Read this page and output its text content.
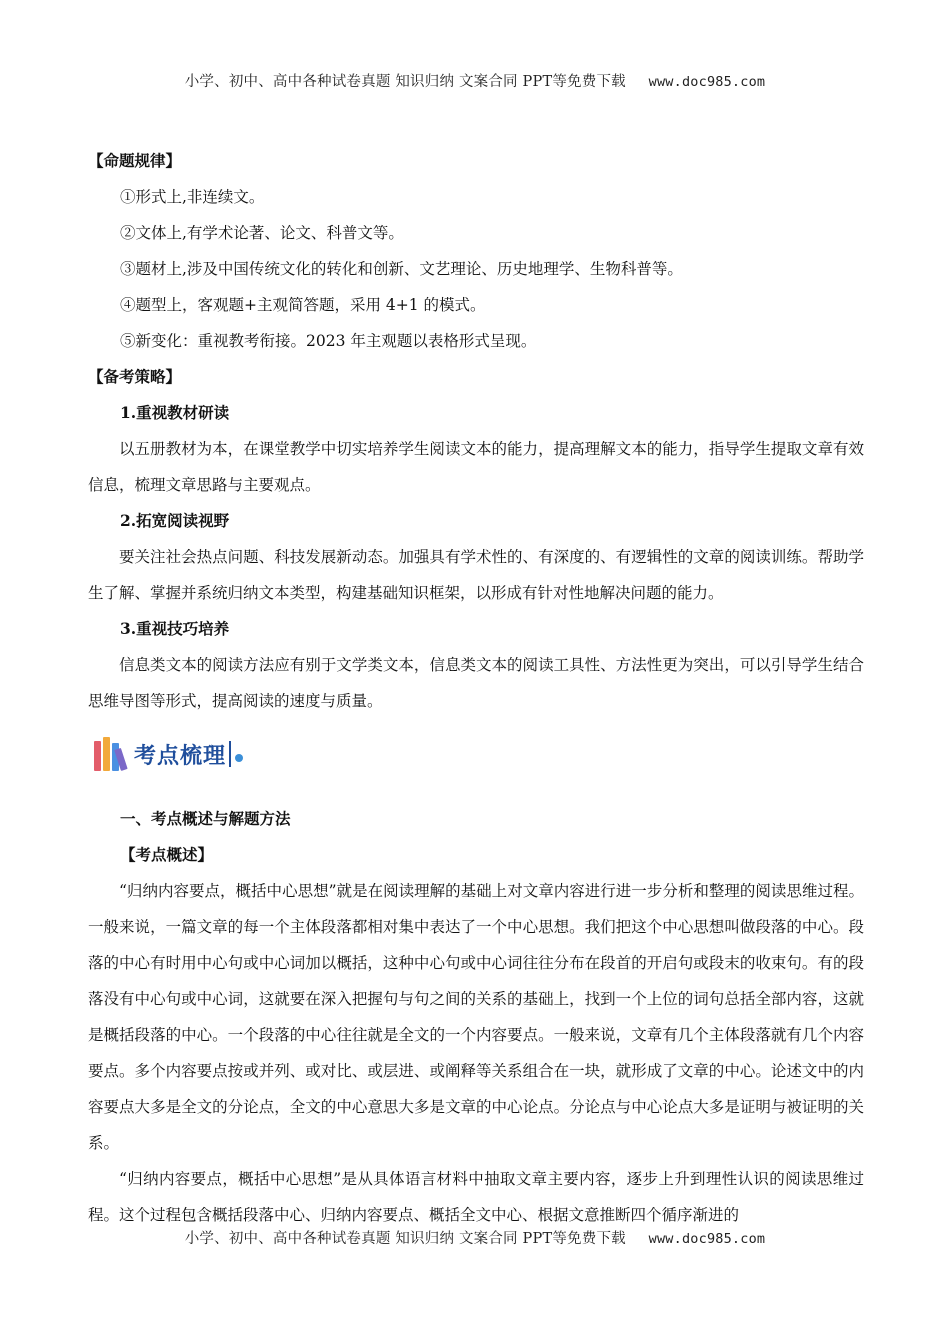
小学、初中、高中各种试卷真题 知识归纳 文案合同 PPT等免费下载 www.doc985.com

【命题规律】

①形式上,非连续文。

②文体上,有学术论著、论文、科普文等。

③题材上,涉及中国传统文化的转化和创新、文艺理论、历史地理学、生物科普等。

④题型上，客观题+主观简答题，采用 4+1 的模式。

⑤新变化：重视教考衔接。2023 年主观题以表格形式呈现。

【备考策略】

1.重视教材研读

以五册教材为本，在课堂教学中切实培养学生阅读文本的能力，提高理解文本的能力，指导学生提取文章有效信息，梳理文章思路与主要观点。

2.拓宽阅读视野

要关注社会热点问题、科技发展新动态。加强具有学术性的、有深度的、有逻辑性的文章的阅读训练。帮助学生了解、掌握并系统归纳文本类型，构建基础知识框架，以形成有针对性地解决问题的能力。

3.重视技巧培养

信息类文本的阅读方法应有别于文学类文本，信息类文本的阅读工具性、方法性更为突出，可以引导学生结合思维导图等形式，提高阅读的速度与质量。

考点梳理

一、考点概述与解题方法

【考点概述】

“归纳内容要点，概括中心思想”就是在阅读理解的基础上对文章内容进行进一步分析和整理的阅读思维过程。一般来说，一篇文章的每一个主体段落都相对集中表达了一个中心思想。我们把这个中心思想叫做段落的中心。段落的中心有时用中心句或中心词加以概括，这种中心句或中心词往往分布在段首的开启句或段末的收束句。有的段落没有中心句或中心词，这就要在深入把握句与句之间的关系的基础上，找到一个上位的词句总括全部内容，这就是概括段落的中心。一个段落的中心往往就是全文的一个内容要点。一般来说，文章有几个主体段落就有几个内容要点。多个内容要点按或并列、或对比、或层进、或阐释等关系组合在一块，就形成了文章的中心。论述文中的内容要点大多是全文的分论点，全文的中心意思大多是文章的中心论点。分论点与中心论点大多是证明与被证明的关系。

“归纳内容要点，概括中心思想”是从具体语言材料中抽取文章主要内容，逐步上升到理性认识的阅读思维过程。这个过程包含概括段落中心、归纳内容要点、概括全文中心、根据文意推断四个循序渐进的

小学、初中、高中各种试卷真题 知识归纳 文案合同 PPT等免费下载 www.doc985.com
